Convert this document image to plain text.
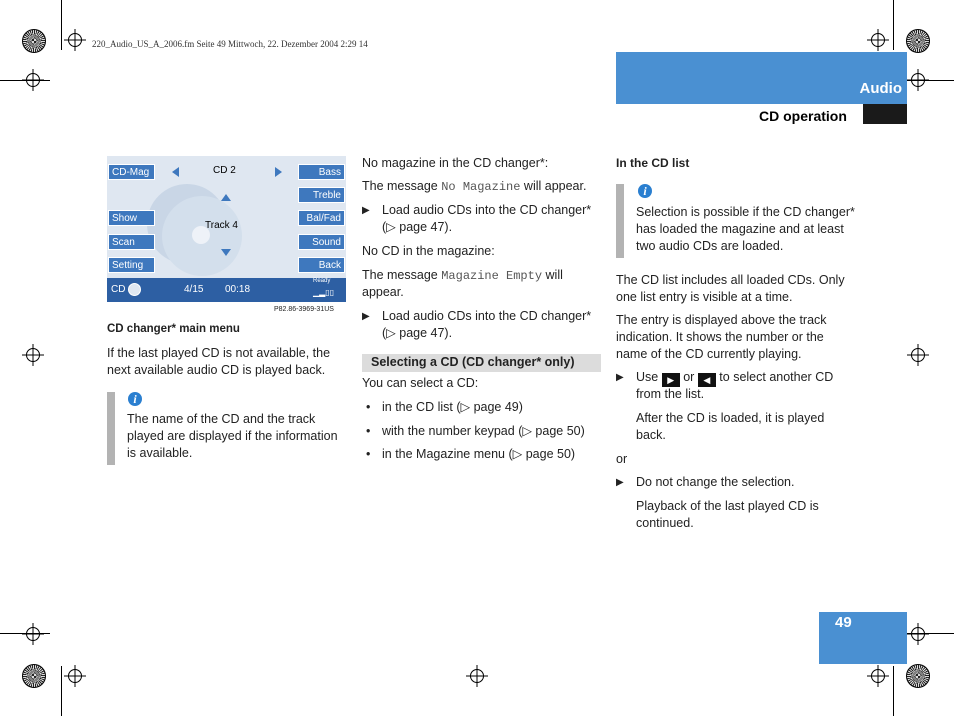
220_Audio_US_A_2006.fm Seite 49 Mittwoch, 22. Dezember 2004 2:29 14
Audio
CD operation
CD-Mag
Show
Scan
Setting
Bass
Treble
Bal/Fad
Sound
Back
CD 2
Track 4
CD	4/15 00:18
Ready
▁▂▯▯
P82.86-3969-31US
CD changer* main menu
If the last played CD is not available, the next available audio CD is played back.
i
The name of the CD and the track played are displayed if the information is available.
No magazine in the CD changer*:
The message No Magazine will appear.
▶ Load audio CDs into the CD changer*
(▷ page 47).
No CD in the magazine:
The message Magazine Empty will
appear.
▶ Load audio CDs into the CD changer*
(▷ page 47).
Selecting a CD (CD changer* only)
You can select a CD:
• in the CD list (▷ page 49)
• with the number keypad (▷ page 50)
• in the Magazine menu (▷ page 50)
In the CD list
i
Selection is possible if the CD changer* has loaded the magazine and at least two audio CDs are loaded.
The CD list includes all loaded CDs. Only one list entry is visible at a time.
The entry is displayed above the track indication. It shows the number or the name of the CD currently playing.
▶ Use ▶ or ◀ to select another CD
from the list.
After the CD is loaded, it is played back.
or
▶ Do not change the selection.
Playback of the last played CD is continued.
49
